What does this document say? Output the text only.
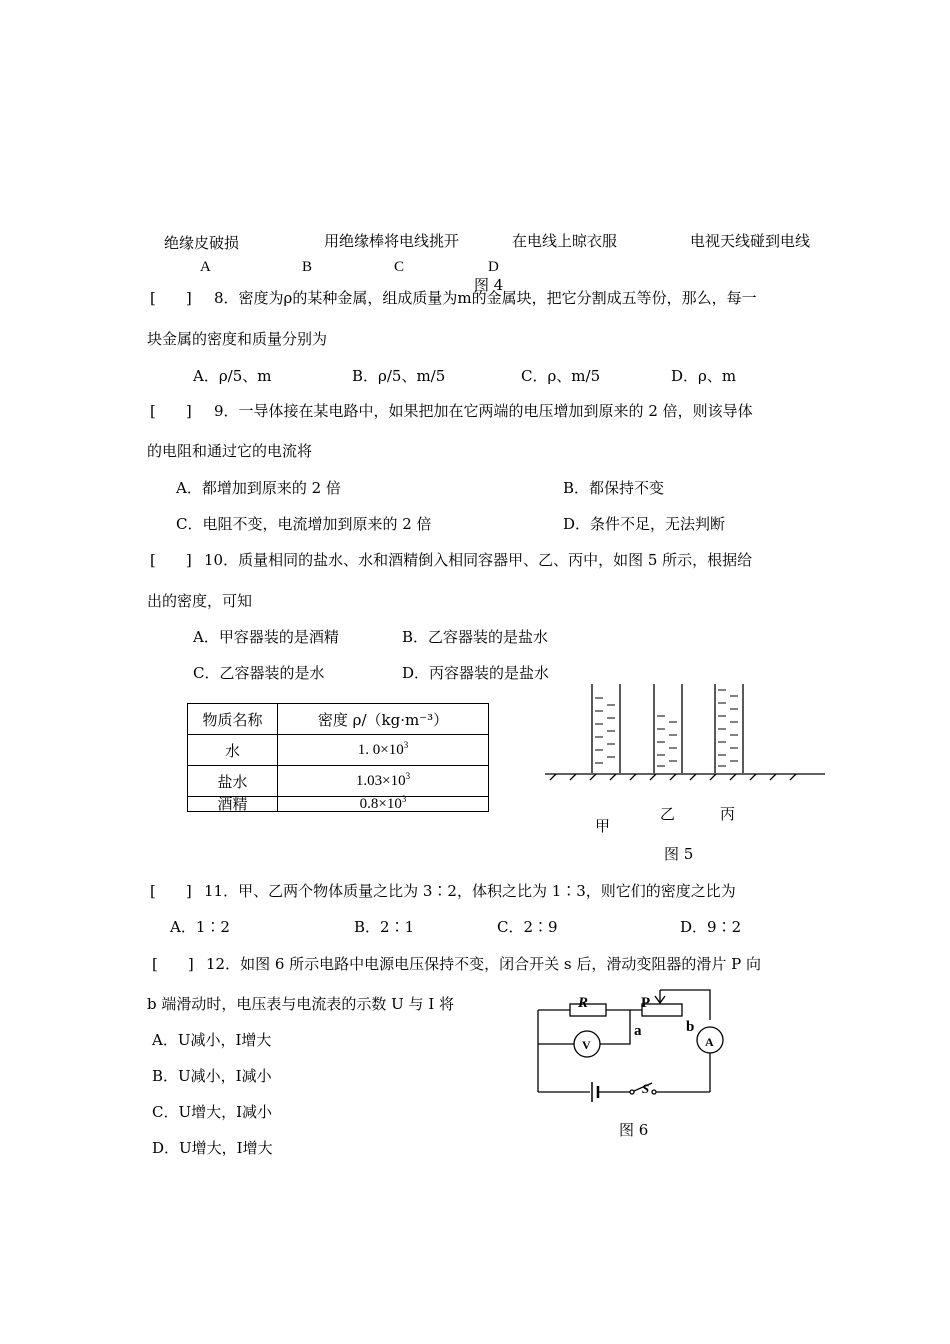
绝缘皮破损	用绝缘棒将电线挑开	在电线上晾衣服	电视天线碰到电线
A	B	C	D
图 4
[　　] 8．密度为ρ的某种金属，组成质量为m的金属块，把它分割成五等份，那么，每一
块金属的密度和质量分别为
A．ρ/5、m	B．ρ/5、m/5	C．ρ、m/5	D．ρ、m
[　　] 9．一导体接在某电路中，如果把加在它两端的电压增加到原来的 2 倍，则该导体
的电阻和通过它的电流将
A．都增加到原来的 2 倍	B．都保持不变
C．电阻不变，电流增加到原来的 2 倍	D．条件不足，无法判断
[　　] 10．质量相同的盐水、水和酒精倒入相同容器甲、乙、丙中，如图 5 所示，根据给
出的密度，可知
A．甲容器装的是酒精	B．乙容器装的是盐水
C．乙容器装的是水	D．丙容器装的是盐水
物质名称	密度 ρ/（kg·m⁻³）
水	1. $0\times 10^3$
盐水	$1.03\times 10^3$
酒精	$0.8\times 10^3$
甲
乙	丙
图 5
[　　] 11．甲、乙两个物体质量之比为 3∶2，体积之比为 1∶3，则它们的密度之比为
A．1∶2	B．2∶1	C．2∶9	D．9∶2
[　　] 12．如图 6 所示电路中电源电压保持不变，闭合开关 s 后，滑动变阻器的滑片 P 向
b 端滑动时，电压表与电流表的示数 U 与 I 将
A．U减小，I增大
B．U减小，I减小
C．U增大，I减小
D．U增大，I增大
R	P
a	b
V	A
S
图 6
